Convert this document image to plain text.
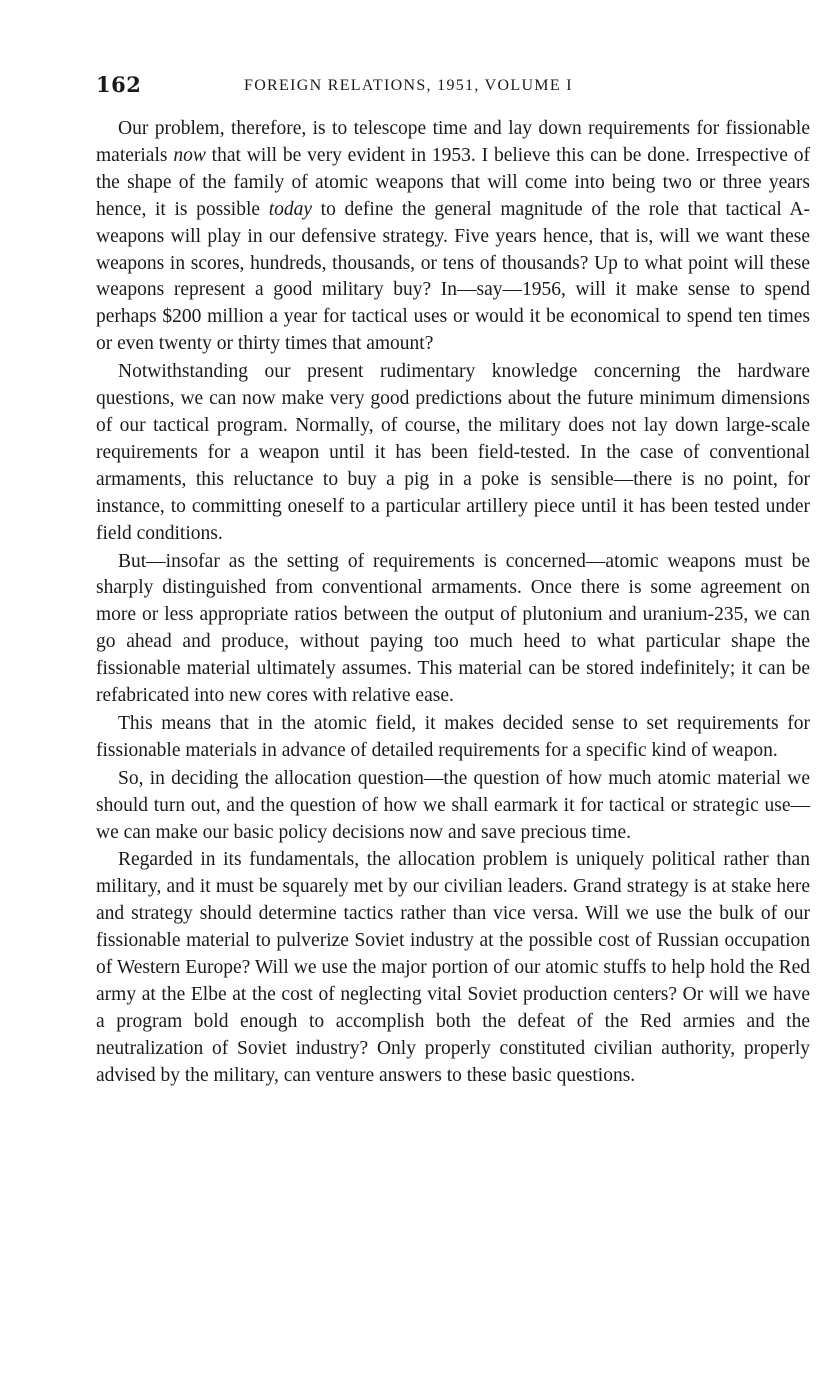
162	FOREIGN RELATIONS, 1951, VOLUME I

Our problem, therefore, is to telescope time and lay down requirements for fissionable materials now that will be very evident in 1953. I believe this can be done. Irrespective of the shape of the family of atomic weapons that will come into being two or three years hence, it is possible today to define the general magnitude of the role that tactical A-weapons will play in our defensive strategy. Five years hence, that is, will we want these weapons in scores, hundreds, thousands, or tens of thousands? Up to what point will these weapons represent a good military buy? In—say—1956, will it make sense to spend perhaps $200 million a year for tactical uses or would it be economical to spend ten times or even twenty or thirty times that amount?

Notwithstanding our present rudimentary knowledge concerning the hardware questions, we can now make very good predictions about the future minimum dimensions of our tactical program. Normally, of course, the military does not lay down large-scale requirements for a weapon until it has been field-tested. In the case of conventional armaments, this reluctance to buy a pig in a poke is sensible—there is no point, for instance, to committing oneself to a particular artillery piece until it has been tested under field conditions.

But—insofar as the setting of requirements is concerned—atomic weapons must be sharply distinguished from conventional armaments. Once there is some agreement on more or less appropriate ratios between the output of plutonium and uranium-235, we can go ahead and produce, without paying too much heed to what particular shape the fissionable material ultimately assumes. This material can be stored indefinitely; it can be refabricated into new cores with relative ease.

This means that in the atomic field, it makes decided sense to set requirements for fissionable materials in advance of detailed requirements for a specific kind of weapon.

So, in deciding the allocation question—the question of how much atomic material we should turn out, and the question of how we shall earmark it for tactical or strategic use—we can make our basic policy decisions now and save precious time.

Regarded in its fundamentals, the allocation problem is uniquely political rather than military, and it must be squarely met by our civilian leaders. Grand strategy is at stake here and strategy should determine tactics rather than vice versa. Will we use the bulk of our fissionable material to pulverize Soviet industry at the possible cost of Russian occupation of Western Europe? Will we use the major portion of our atomic stuffs to help hold the Red army at the Elbe at the cost of neglecting vital Soviet production centers? Or will we have a program bold enough to accomplish both the defeat of the Red armies and the neutralization of Soviet industry? Only properly constituted civilian authority, properly advised by the military, can venture answers to these basic questions.
